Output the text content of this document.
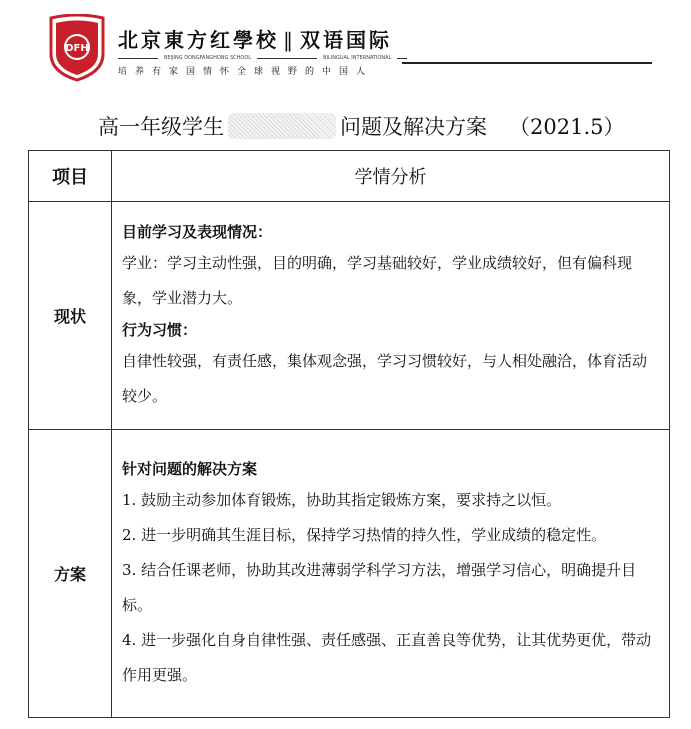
DFH 北京東方红學校 ‖ 双语国际
BEIJING DONGFANGHONG SCHOOL	BILINGUAL INTERNATIONAL
培养有家国情怀全球视野的中国人
高一年级学生	问题及解决方案 （2021.5）
项目	学情分析
现状	目前学习及表现情况：
学业：学习主动性强，目的明确，学习基础较好，学业成绩较好，但有偏科现象，学业潜力大。
行为习惯：
自律性较强，有责任感，集体观念强，学习习惯较好，与人相处融洽，体育活动较少。

方案	针对问题的解决方案
1. 鼓励主动参加体育锻炼，协助其指定锻炼方案，要求持之以恒。
2. 进一步明确其生涯目标，保持学习热情的持久性，学业成绩的稳定性。
3. 结合任课老师，协助其改进薄弱学科学习方法，增强学习信心，明确提升目标。
4. 进一步强化自身自律性强、责任感强、正直善良等优势，让其优势更优，带动作用更强。
